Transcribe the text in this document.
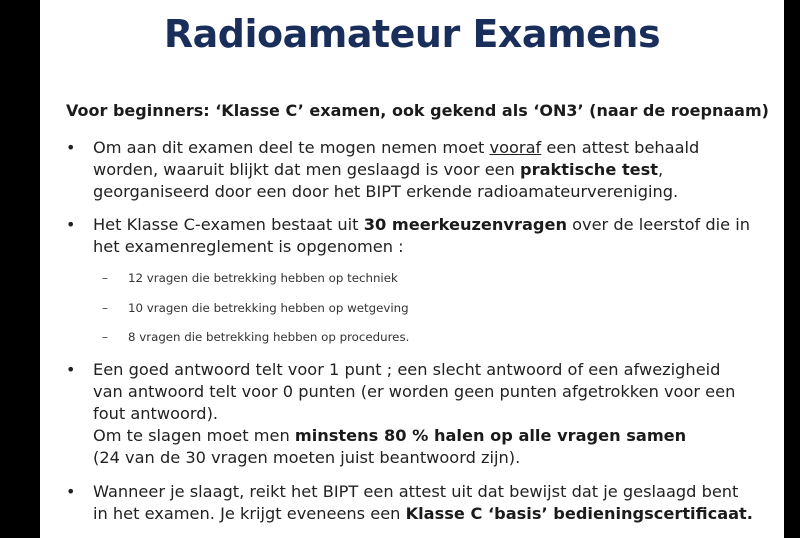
Radioamateur Examens
Voor beginners: ‘Klasse C’ examen, ook gekend als ‘ON3’ (naar de roepnaam)
• Om aan dit examen deel te mogen nemen moet vooraf een attest behaald
worden, waaruit blijkt dat men geslaagd is voor een praktische test,
georganiseerd door een door het BIPT erkende radioamateurvereniging.
• Het Klasse C-examen bestaat uit 30 meerkeuzenvragen over de leerstof die in
het examenreglement is opgenomen :
– 12 vragen die betrekking hebben op techniek
– 10 vragen die betrekking hebben op wetgeving
– 8 vragen die betrekking hebben op procedures.
• Een goed antwoord telt voor 1 punt ; een slecht antwoord of een afwezigheid
van antwoord telt voor 0 punten (er worden geen punten afgetrokken voor een
fout antwoord).
Om te slagen moet men minstens 80 % halen op alle vragen samen
(24 van de 30 vragen moeten juist beantwoord zijn).
• Wanneer je slaagt, reikt het BIPT een attest uit dat bewijst dat je geslaagd bent
in het examen. Je krijgt eveneens een Klasse C ‘basis’ bedieningscertificaat.
